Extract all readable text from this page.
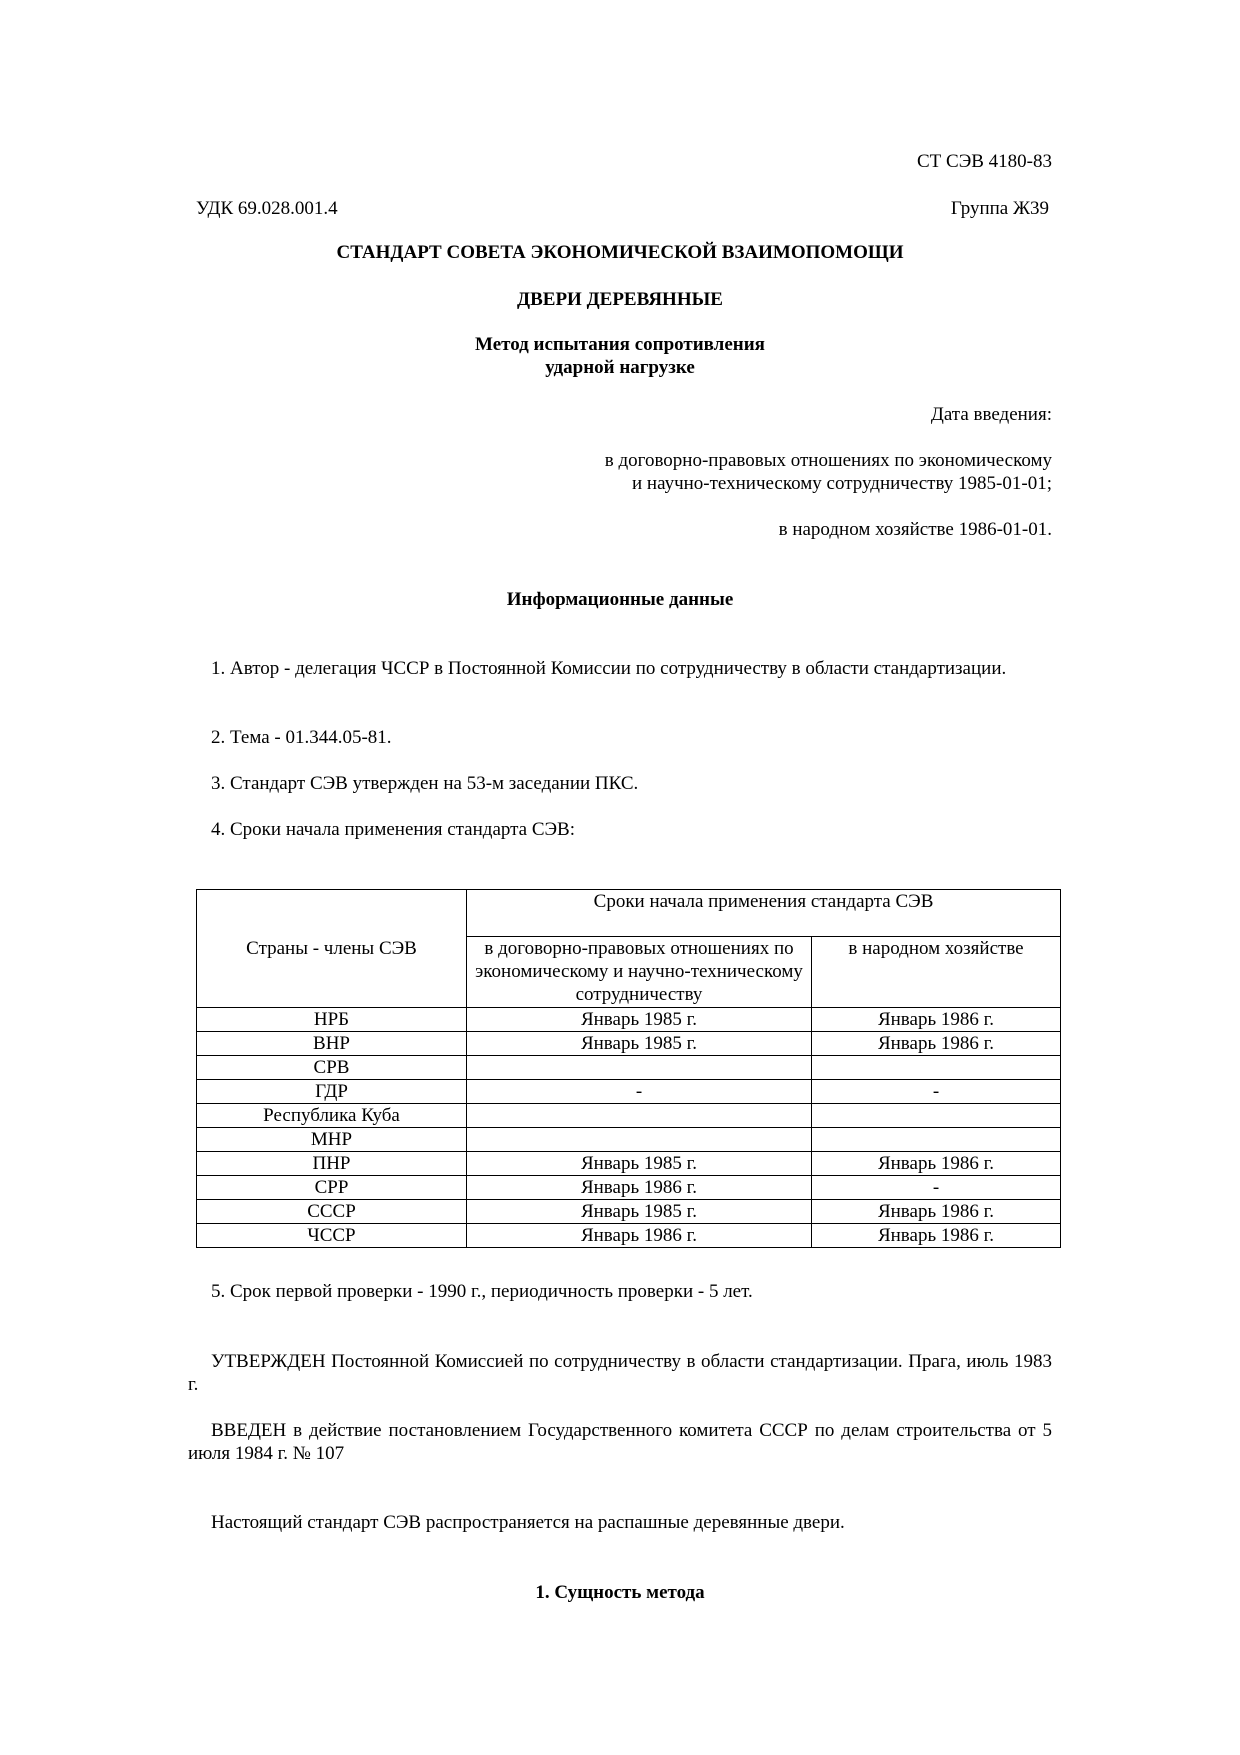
СТ СЭВ 4180-83
УДК 69.028.001.4	Группа Ж39
СТАНДАРТ СОВЕТА ЭКОНОМИЧЕСКОЙ ВЗАИМОПОМОЩИ
ДВЕРИ ДЕРЕВЯННЫЕ
Метод испытания сопротивления
ударной нагрузке
Дата введения:
в договорно-правовых отношениях по экономическому
и научно-техническому сотрудничеству 1985-01-01;
в народном хозяйстве 1986-01-01.
Информационные данные

1. Автор - делегация ЧССР в Постоянной Комиссии по сотрудничеству в области стандартизации.

2. Тема - 01.344.05-81.

3. Стандарт СЭВ утвержден на 53-м заседании ПКС.

4. Сроки начала применения стандарта СЭВ:

Страны - члены СЭВ	Сроки начала применения стандарта СЭВ	
	в договорно-правовых отношениях по экономическому и научно-техническому сотрудничеству	в народном хозяйстве
НРБ	Январь 1985 г.	Январь 1986 г.
ВНР	Январь 1985 г.	Январь 1986 г.
СРВ		
ГДР	-	-
Республика Куба		
МНР		
ПНР	Январь 1985 г.	Январь 1986 г.
СРР	Январь 1986 г.	-
СССР	Январь 1985 г.	Январь 1986 г.
ЧССР	Январь 1986 г.	Январь 1986 г.

5. Срок первой проверки - 1990 г., периодичность проверки - 5 лет.

УТВЕРЖДЕН Постоянной Комиссией по сотрудничеству в области стандартизации. Прага, июль 1983 г.

ВВЕДЕН в действие постановлением Государственного комитета СССР по делам строительства от 5 июля 1984 г. № 107

Настоящий стандарт СЭВ распространяется на распашные деревянные двери.

1. Сущность метода
